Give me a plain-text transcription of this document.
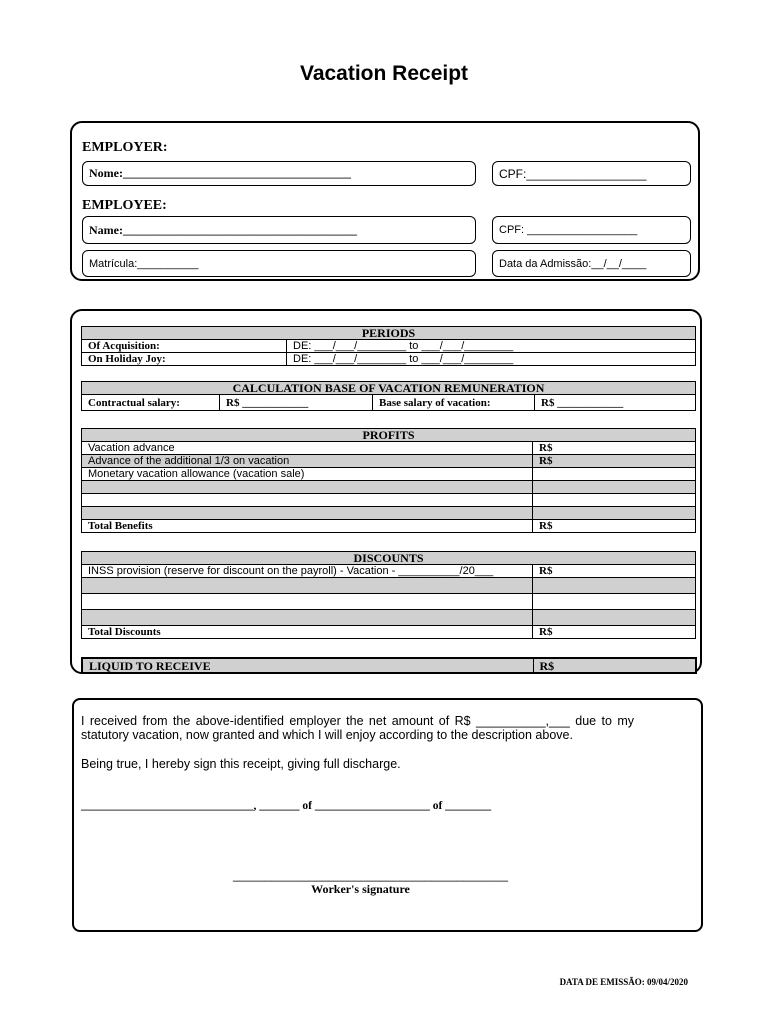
Vacation Receipt
EMPLOYER:
Nome:______________________________________	CPF:__________________
EMPLOYEE:
Name:_______________________________________	CPF: __________________
Matrícula:__________	Data da Admissão:__/__/____
PERIODS	
Of Acquisition:	DE: ___/___/________ to ___/___/________
On Holiday Joy:	DE: ___/___/________ to ___/___/________
CALCULATION BASE OF VACATION REMUNERATION
Contractual salary:	R$ ____________	Base salary of vacation:	R$ ____________
PROFITS	
Vacation advance	R$
Advance of the additional 1/3 on vacation	R$
Monetary vacation allowance (vacation sale)	

Total Benefits	R$
DISCOUNTS	
INSS provision (reserve for discount on the payroll) - Vacation - __________/20___	R$

Total Discounts	R$
LIQUID TO RECEIVE	R$
I received from the above-identified employer the net amount of R$ __________,___ due to my statutory vacation, now granted and which I will enjoy according to the description above.
Being true, I hereby sign this receipt, giving full discharge.
______________________________, _______ of ____________________ of ________
___________________________________________
Worker's signature
DATA DE EMISSÃO: 09/04/2020
